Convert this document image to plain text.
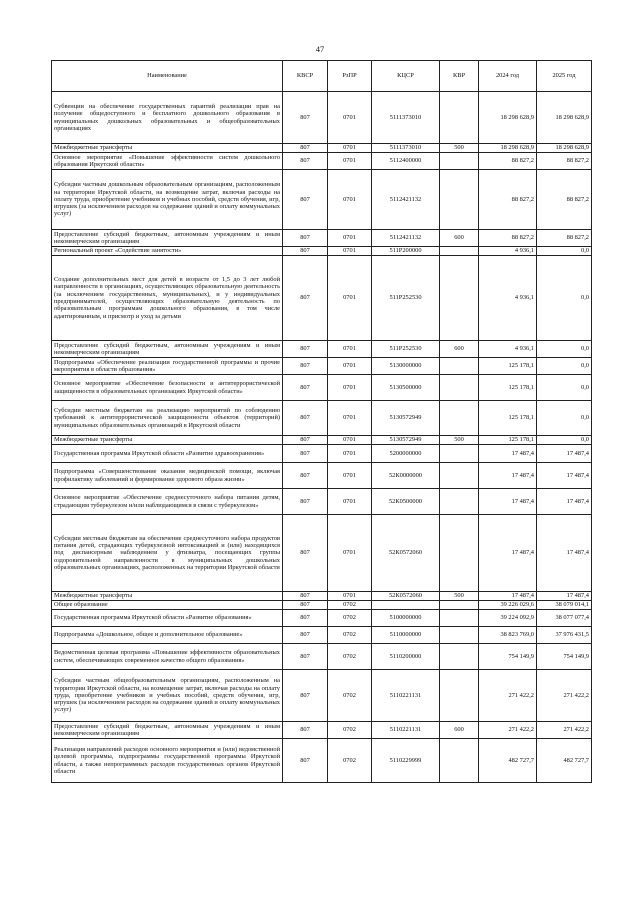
47
Наименование	КВСР	РзПР	КЦСР	КВР	2024 год	2025 год
Субвенции на обеспечение государственных гарантий реализации прав на получение общедоступного и бесплатного дошкольного образования в муниципальных дошкольных образовательных и общеобразовательных организациях	807	0701	5111373010		18 298 628,9	18 298 628,9
Межбюджетные трансферты	807	0701	5111373010	500	18 298 628,9	18 298 628,9
Основное мероприятие «Повышение эффективности систем дошкольного образования Иркутской области»	807	0701	5112400000		88 827,2	88 827,2
Субсидии частным дошкольным образовательным организациям, расположенным на территории Иркутской области, на возмещение затрат, включая расходы на оплату труда, приобретение учебников и учебных пособий, средств обучения, игр, игрушек (за исключением расходов на содержание зданий и оплату коммунальных услуг)	807	0701	5112421132		88 827,2	88 827,2
Предоставление субсидий бюджетным, автономным учреждениям и иным некоммерческим организациям	807	0701	5112421132	600	88 827,2	88 827,2
Региональный проект «Содействие занятости»	807	0701	511P200000		4 936,1	0,0
Создание дополнительных мест для детей в возрасте от 1,5 до 3 лет любой направленности в организациях, осуществляющих образовательную деятельность (за исключением государственных, муниципальных), и у индивидуальных предпринимателей, осуществляющих образовательную деятельность по образовательным программам дошкольного образования, в том числе адаптированным, и присмотр и уход за детьми	807	0701	511P252530		4 936,1	0,0
Предоставление субсидий бюджетным, автономным учреждениям и иным некоммерческим организациям	807	0701	511P252530	600	4 936,1	0,0
Подпрограмма «Обеспечение реализации государственной программы и прочие мероприятия в области образования»	807	0701	5130000000		125 178,1	0,0
Основное мероприятие «Обеспечение безопасности и антитеррористической защищенности в образовательных организациях Иркутской области»	807	0701	5130500000		125 178,1	0,0
Субсидии местным бюджетам на реализацию мероприятий по соблюдению требований к антитеррористической защищенности объектов (территорий) муниципальных образовательных организаций в Иркутской области	807	0701	5130572949		125 178,1	0,0
Межбюджетные трансферты	807	0701	5130572949	500	125 178,1	0,0
Государственная программа Иркутской области «Развитие здравоохранения»	807	0701	5200000000		17 487,4	17 487,4
Подпрограмма «Совершенствование оказания медицинской помощи, включая профилактику заболеваний и формирование здорового образа жизни»	807	0701	52К0000000		17 487,4	17 487,4
Основное мероприятие «Обеспечение среднесуточного набора питания детям, страдающим туберкулезом и/или наблюдающимся в связи с туберкулезом»	807	0701	52К0500000		17 487,4	17 487,4
Субсидии местным бюджетам на обеспечение среднесуточного набора продуктов питания детей, страдающих туберкулезной интоксикацией и (или) находящихся под диспансерным наблюдением у фтизиатра, посещающих группы оздоровительной направленности в муниципальных дошкольных образовательных организациях, расположенных на территории Иркутской области	807	0701	52К0572060		17 487,4	17 487,4
Межбюджетные трансферты	807	0701	52К0572060	500	17 487,4	17 487,4
Общее образование	807	0702			39 226 029,6	38 079 014,1
Государственная программа Иркутской области «Развитие образования»	807	0702	5100000000		39 224 092,9	38 077 077,4
Подпрограмма «Дошкольное, общее и дополнительное образование»	807	0702	5110000000		38 823 769,0	37 976 431,5
Ведомственная целевая программа «Повышение эффективности образовательных систем, обеспечивающих современное качество общего образования»	807	0702	5110200000		754 149,9	754 149,9
Субсидии частным общеобразовательным организациям, расположенным на территории Иркутской области, на возмещение затрат, включая расходы на оплату труда, приобретение учебников и учебных пособий, средств обучения, игр, игрушек (за исключением расходов на содержание зданий и оплату коммунальных услуг)	807	0702	5110221131		271 422,2	271 422,2
Предоставление субсидий бюджетным, автономным учреждениям и иным некоммерческим организациям	807	0702	5110221131	600	271 422,2	271 422,2
Реализация направлений расходов основного мероприятия и (или) ведомственной целевой программы, подпрограммы государственной программы Иркутской области, а также непрограммных расходов государственных органов Иркутской области	807	0702	5110229999		482 727,7	482 727,7
